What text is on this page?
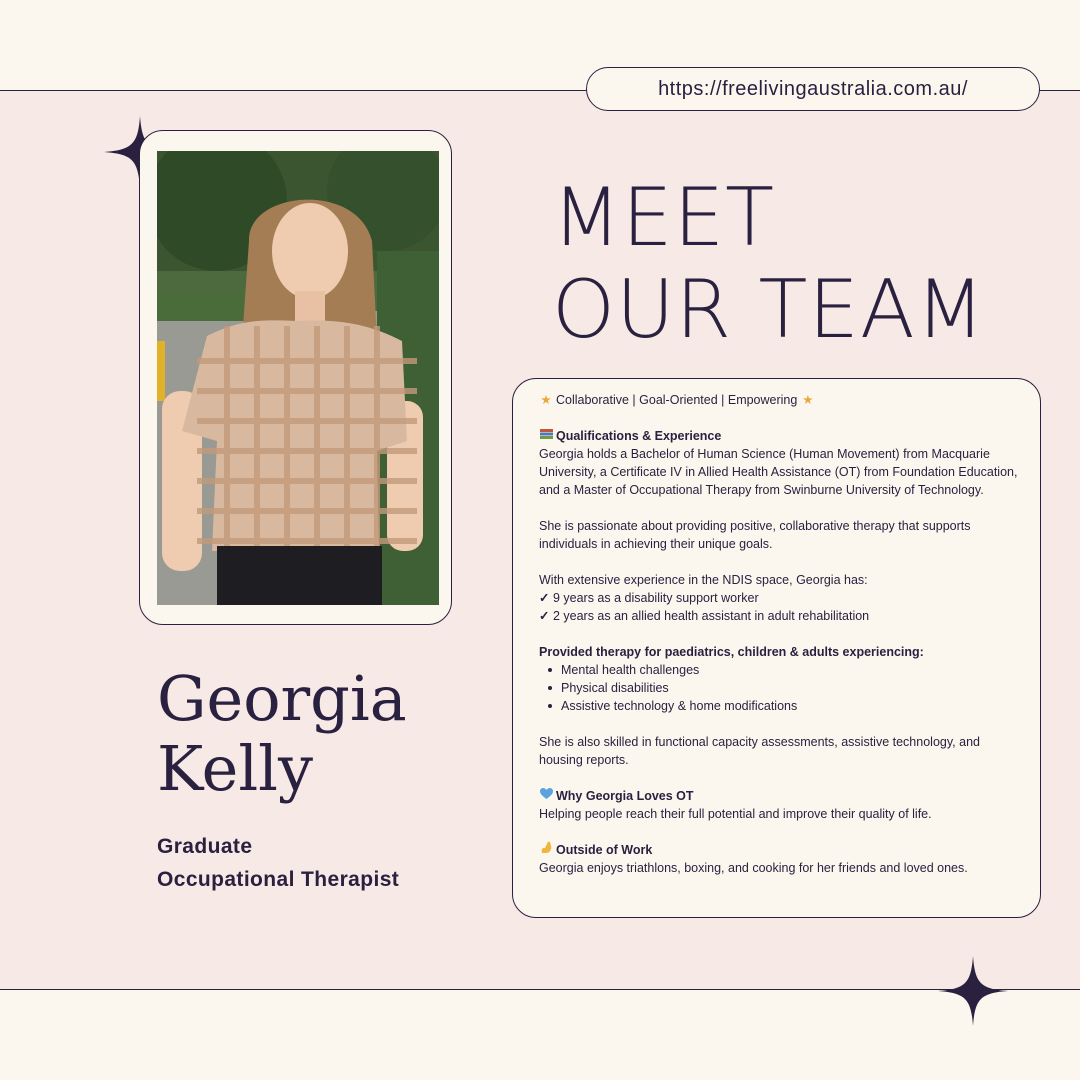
https://freelivingaustralia.com.au/
MEET
OUR TEAM
Georgia
Kelly
Graduate
Occupational Therapist

★ Collaborative | Goal-Oriented | Empowering ★

Qualifications & Experience

Georgia holds a Bachelor of Human Science (Human Movement) from Macquarie University, a Certificate IV in Allied Health Assistance (OT) from Foundation Education, and a Master of Occupational Therapy from Swinburne University of Technology.

She is passionate about providing positive, collaborative therapy that supports individuals in achieving their unique goals.

With extensive experience in the NDIS space, Georgia has:

✓ 9 years as a disability support worker

✓ 2 years as an allied health assistant in adult rehabilitation

Provided therapy for paediatrics, children & adults experiencing:

Mental health challenges
Physical disabilities
Assistive technology & home modifications

She is also skilled in functional capacity assessments, assistive technology, and housing reports.

Why Georgia Loves OT

Helping people reach their full potential and improve their quality of life.

Outside of Work

Georgia enjoys triathlons, boxing, and cooking for her friends and loved ones.
